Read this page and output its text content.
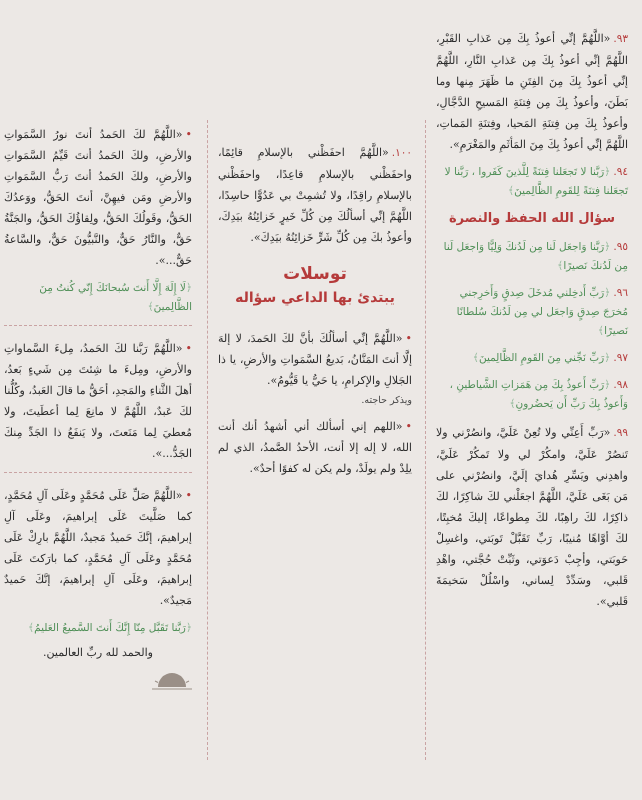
٩٣.«اللَّهُمَّ إنِّي أعوذُ بِكَ مِن عَذابِ القَبْرِ، اللَّهُمَّ إنِّي أعوذُ بِكَ مِن عَذابِ النَّارِ، اللَّهُمَّ إنِّي أعوذُ بِكَ مِنَ الفِتَنِ ما ظَهَرَ مِنها وما بَطَنَ، وأعوذُ بِكَ مِن فِتنَةِ المَسيحِ الدَّجَّالِ، وأعوذُ بِكَ مِن فِتنَةِ المَحيا، وفِتنَةِ المَماتِ، اللَّهُمَّ إنِّي أعوذُ بِكَ مِنَ المَأثَمِ والمَغْرَمِ».

٩٤.﴿رَبَّنا لا تَجعَلنا فِتنَةً لِلَّذينَ كَفَروا ، رَبَّنا لا تَجعَلنا فِتنَةً لِلقَومِ الظَّالِمينَ﴾

سؤال الله الحفظ والنصرة

٩٥.﴿رَبَّنا وَاجعَل لَنا مِن لَدُنكَ وَلِيًّا وَاجعَل لَنا مِن لَدُنكَ نَصيرًا﴾

٩٦.﴿رَبِّ أَدخِلني مُدخَلَ صِدقٍ وَأَخرِجني مُخرَجَ صِدقٍ وَاجعَل لي مِن لَدُنكَ سُلطانًا نَصيرًا﴾

٩٧.﴿رَبِّ نَجِّني مِنَ القَومِ الظَّالِمينَ﴾

٩٨.﴿رَبِّ أَعوذُ بِكَ مِن هَمَزاتِ الشَّياطينِ ، وَأَعوذُ بِكَ رَبِّ أَن يَحضُرونِ﴾

٩٩.«رَبِّ أَعِنِّي ولا تُعِنْ عَلَيَّ، وانصُرْني ولا تَنصُرْ عَلَيَّ، وامكُرْ لي ولا تَمكُرْ عَلَيَّ، واهدِني ويَسِّرِ هُدايَ إلَيَّ، وانصُرْني على مَن بَغَى عَلَيَّ، اللَّهُمَّ اجعَلْني لكَ شاكِرًا، لكَ ذاكِرًا، لكَ راهِبًا، لكَ مِطواعًا، إليكَ مُخبِتًا، لكَ أوَّاهًا مُنيبًا، رَبِّ تَقَبَّلْ تَوبَتي، واغسِلْ حَوبَتي، وأجِبْ دَعوَتي، وثَبِّتْ حُجَّتي، واهْدِ قَلبي، وسَدِّدْ لِساني، واسْلُلْ سَخيمَةَ قَلبي».

١٠٠.«اللَّهُمَّ احفَظْني بالإسلامِ قائِمًا، واحفَظْني بالإسلامِ قاعِدًا، واحفَظْني بالإسلامِ راقِدًا، ولا تُشمِتْ بي عَدُوًّا حاسِدًا، اللَّهُمَّ إنِّي أسألُكَ مِن كُلِّ خَيرٍ خَزائِنُهُ بيَدِكَ، وأعوذُ بكَ مِن كُلِّ شَرٍّ خَزائِنُهُ بيَدِكَ».

توسلات
يبتدئ بها الداعي سؤاله

•«اللَّهُمَّ إنِّي أسألُكَ بأنَّ لكَ الحَمدَ، لا إلهَ إلَّا أنتَ المَنَّانُ، بَديعُ السَّمَواتِ والأرضِ، يا ذا الجَلالِ والإكرامِ، يا حَيُّ يا قَيُّومُ».

ويذكر حاجته.

•«اللهم إني أسألك أني أشهدُ أنك أنت الله، لا إله إلا أنت، الأحدُ الصَّمدُ، الذي لم يلِدْ ولم يولَدْ، ولم يكن له كفوًا أحدٌ».

•«اللَّهُمَّ لكَ الحَمدُ أنتَ نورُ السَّمَواتِ والأرضِ، ولكَ الحَمدُ أنتَ قَيِّمُ السَّمَواتِ والأرضِ، ولكَ الحَمدُ أنتَ رَبُّ السَّمَواتِ والأرضِ ومَن فيهِنَّ، أنتَ الحَقُّ، ووَعدُكَ الحَقُّ، وقَولُكَ الحَقُّ، ولِقاؤُكَ الحَقُّ، والجَنَّةُ حَقٌّ، والنَّارُ حَقٌّ، والنَّبيُّونَ حَقٌّ، والسَّاعةُ حَقٌّ...».

﴿لَا إِلَهَ إِلَّا أَنتَ سُبحانَكَ إِنّي كُنتُ مِنَ الظَّالِمينَ﴾

•«اللَّهُمَّ رَبَّنا لكَ الحَمدُ، مِلءَ السَّماواتِ والأرضِ، ومِلءَ ما شِئتَ مِن شَيءٍ بَعدُ، أهلَ الثَّناءِ والمَجدِ، أحَقُّ ما قالَ العَبدُ، وكُلُّنا لكَ عَبدٌ، اللَّهُمَّ لا مانِعَ لِما أعطَيتَ، ولا مُعطيَ لِما مَنَعتَ، ولا يَنفَعُ ذا الجَدِّ مِنكَ الجَدُّ...».

•«اللَّهُمَّ صَلِّ عَلَى مُحَمَّدٍ وعَلَى آلِ مُحَمَّدٍ، كما صَلَّيتَ عَلَى إبراهيمَ، وعَلَى آلِ إبراهيمَ، إنَّكَ حَميدٌ مَجيدٌ، اللَّهُمَّ بارِكْ عَلَى مُحَمَّدٍ وعَلَى آلِ مُحَمَّدٍ، كما بارَكتَ عَلَى إبراهيمَ، وعَلَى آلِ إبراهيمَ، إنَّكَ حَميدٌ مَجيدٌ».

﴿رَبَّنا تَقَبَّل مِنّا إِنَّكَ أَنتَ السَّميعُ العَليمُ﴾

والحمد لله ربِّ العالمين.
